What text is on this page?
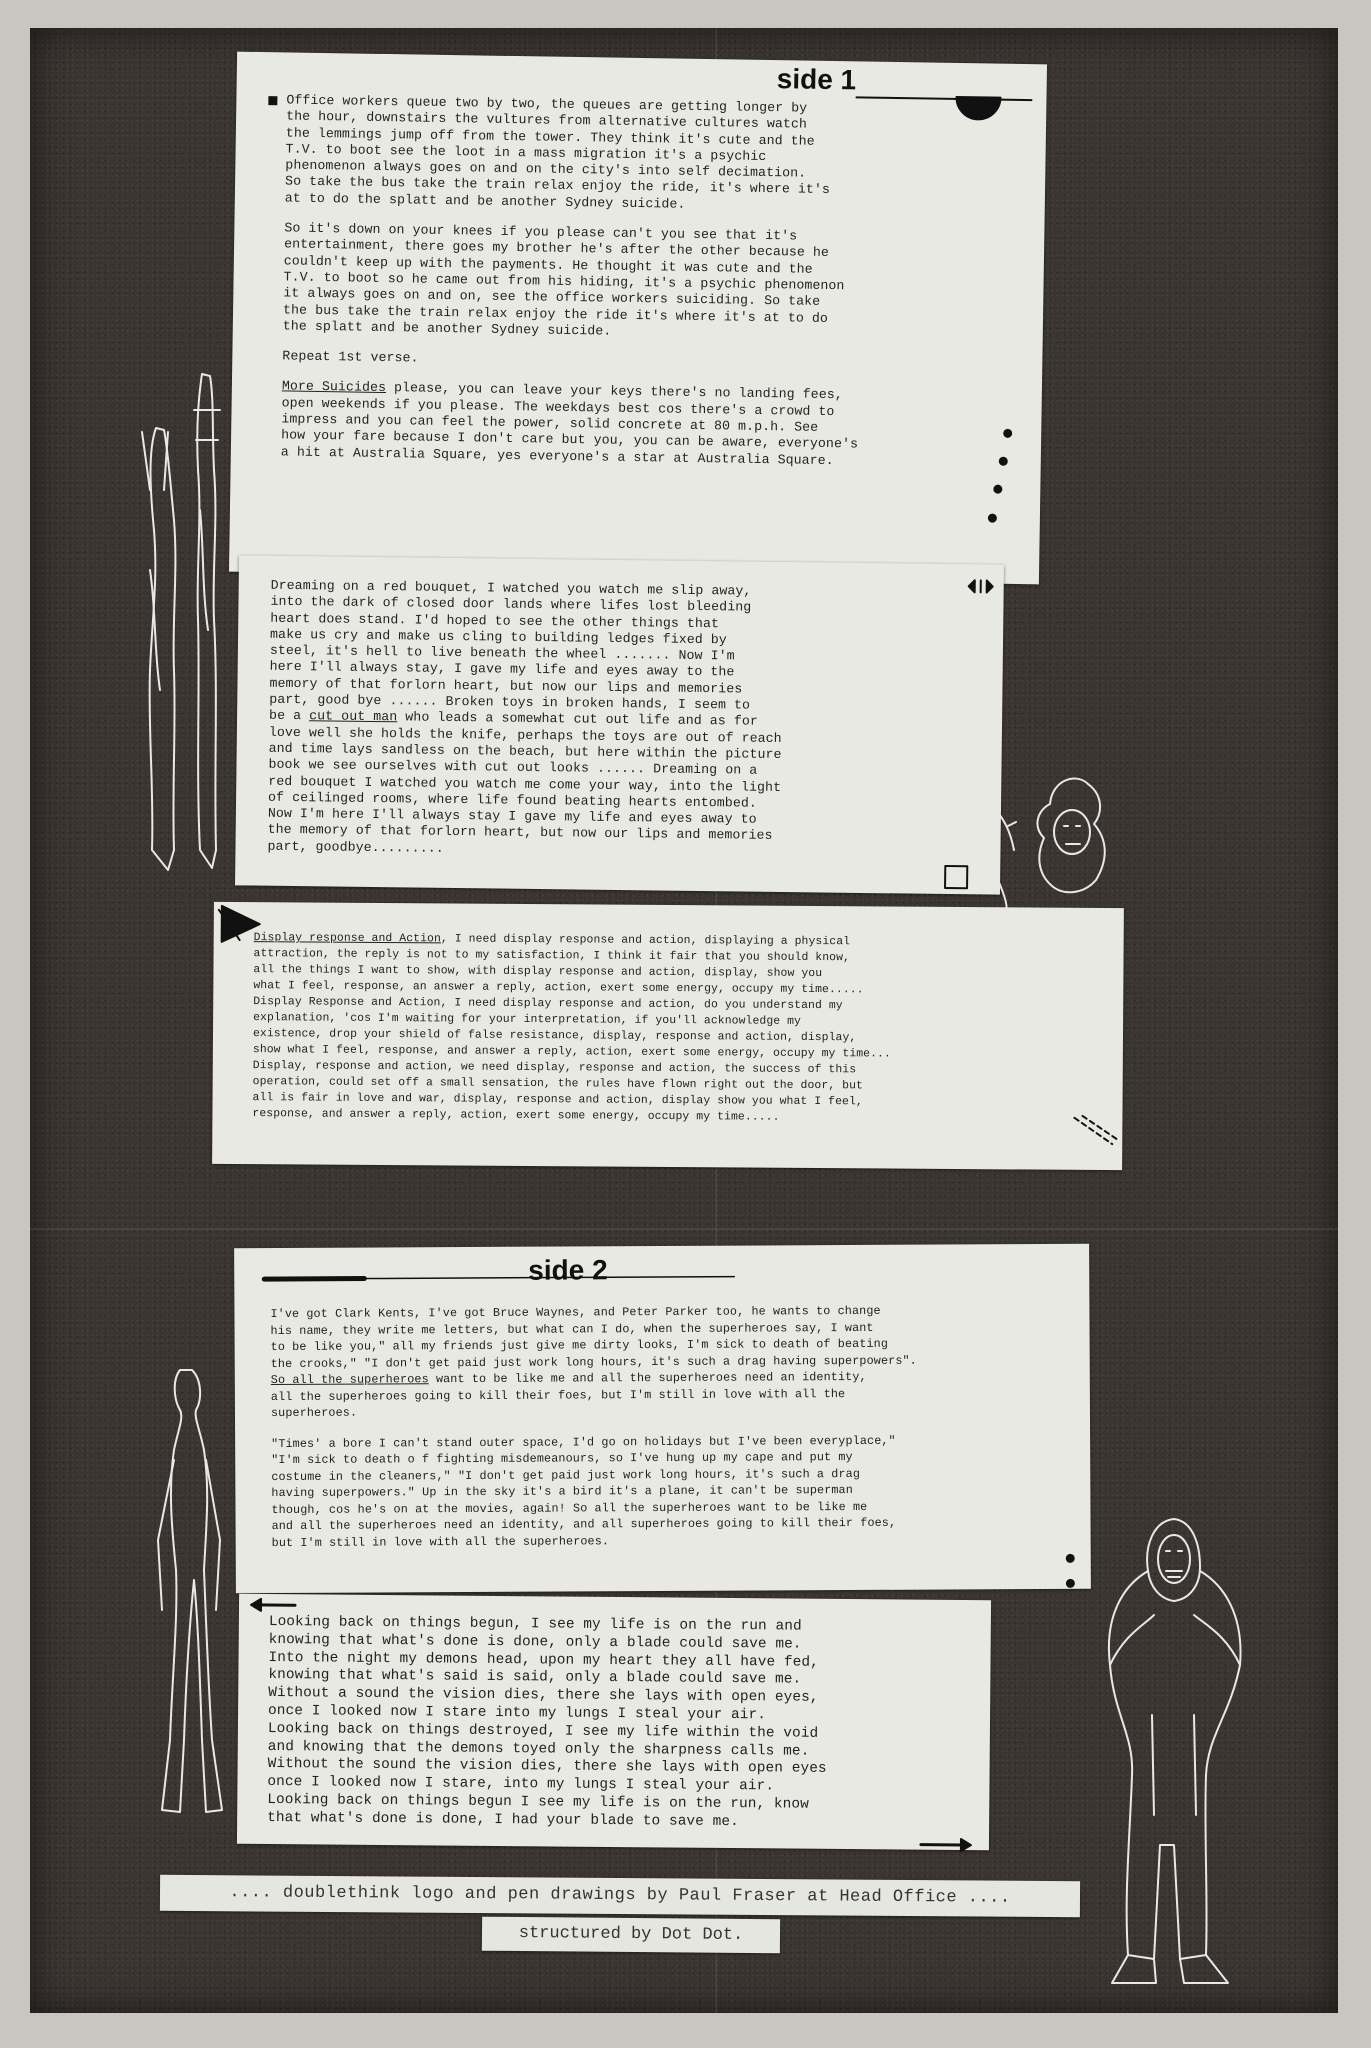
side 1

Office workers queue two by two, the queues are getting longer by
the hour, downstairs the vultures from alternative cultures watch
the lemmings jump off from the tower. They think it's cute and the
T.V. to boot see the loot in a mass migration it's a psychic
phenomenon always goes on and on the city's into self decimation.
So take the bus take the train relax enjoy the ride, it's where it's
at to do the splatt and be another Sydney suicide.

So it's down on your knees if you please can't you see that it's
entertainment, there goes my brother he's after the other because he
couldn't keep up with the payments. He thought it was cute and the
T.V. to boot so he came out from his hiding, it's a psychic phenomenon
it always goes on and on, see the office workers suiciding. So take
the bus take the train relax enjoy the ride it's where it's at to do
the splatt and be another Sydney suicide.

Repeat 1st verse.

More Suicides please, you can leave your keys there's no landing fees,
open weekends if you please. The weekdays best cos there's a crowd to
impress and you can feel the power, solid concrete at 80 m.p.h. See
how your fare because I don't care but you, you can be aware, everyone's
a hit at Australia Square, yes everyone's a star at Australia Square.

Dreaming on a red bouquet, I watched you watch me slip away,
into the dark of closed door lands where lifes lost bleeding
heart does stand. I'd hoped to see the other things that
make us cry and make us cling to building ledges fixed by
steel, it's hell to live beneath the wheel ....... Now I'm
here I'll always stay, I gave my life and eyes away to the
memory of that forlorn heart, but now our lips and memories
part, good bye ...... Broken toys in broken hands, I seem to
be a cut out man who leads a somewhat cut out life and as for
love well she holds the knife, perhaps the toys are out of reach
and time lays sandless on the beach, but here within the picture
book we see ourselves with cut out looks ...... Dreaming on a
red bouquet I watched you watch me come your way, into the light
of ceilinged rooms, where life found beating hearts entombed.
Now I'm here I'll always stay I gave my life and eyes away to
the memory of that forlorn heart, but now our lips and memories
part, goodbye.........

Display response and Action, I need display response and action, displaying a physical
attraction, the reply is not to my satisfaction, I think it fair that you should know,
all the things I want to show, with display response and action, display, show you
what I feel, response, an answer a reply, action, exert some energy, occupy my time.....
Display Response and Action, I need display response and action, do you understand my
explanation, 'cos I'm waiting for your interpretation, if you'll acknowledge my
existence, drop your shield of false resistance, display, response and action, display,
show what I feel, response, and answer a reply, action, exert some energy, occupy my time...
Display, response and action, we need display, response and action, the success of this
operation, could set off a small sensation, the rules have flown right out the door, but
all is fair in love and war, display, response and action, display show you what I feel,
response, and answer a reply, action, exert some energy, occupy my time.....

side 2

I've got Clark Kents, I've got Bruce Waynes, and Peter Parker too, he wants to change
his name, they write me letters, but what can I do, when the superheroes say, I want
to be like you," all my friends just give me dirty looks, I'm sick to death of beating
the crooks," "I don't get paid just work long hours, it's such a drag having superpowers".
So all the superheroes want to be like me and all the superheroes need an identity,
all the superheroes going to kill their foes, but I'm still in love with all the
superheroes.

"Times' a bore I can't stand outer space, I'd go on holidays but I've been everyplace,"
"I'm sick to death o f fighting misdemeanours, so I've hung up my cape and put my
costume in the cleaners," "I don't get paid just work long hours, it's such a drag
having superpowers." Up in the sky it's a bird it's a plane, it can't be superman
though, cos he's on at the movies, again! So all the superheroes want to be like me
and all the superheroes need an identity, and all superheroes going to kill their foes,
but I'm still in love with all the superheroes.

Looking back on things begun, I see my life is on the run and
knowing that what's done is done, only a blade could save me.
Into the night my demons head, upon my heart they all have fed,
knowing that what's said is said, only a blade could save me.
Without a sound the vision dies, there she lays with open eyes,
once I looked now I stare into my lungs I steal your air.
Looking back on things destroyed, I see my life within the void
and knowing that the demons toyed only the sharpness calls me.
Without the sound the vision dies, there she lays with open eyes
once I looked now I stare, into my lungs I steal your air.
Looking back on things begun I see my life is on the run, know
that what's done is done, I had your blade to save me.

.... doublethink logo and pen drawings by Paul Fraser at Head Office ....
structured by Dot Dot.
